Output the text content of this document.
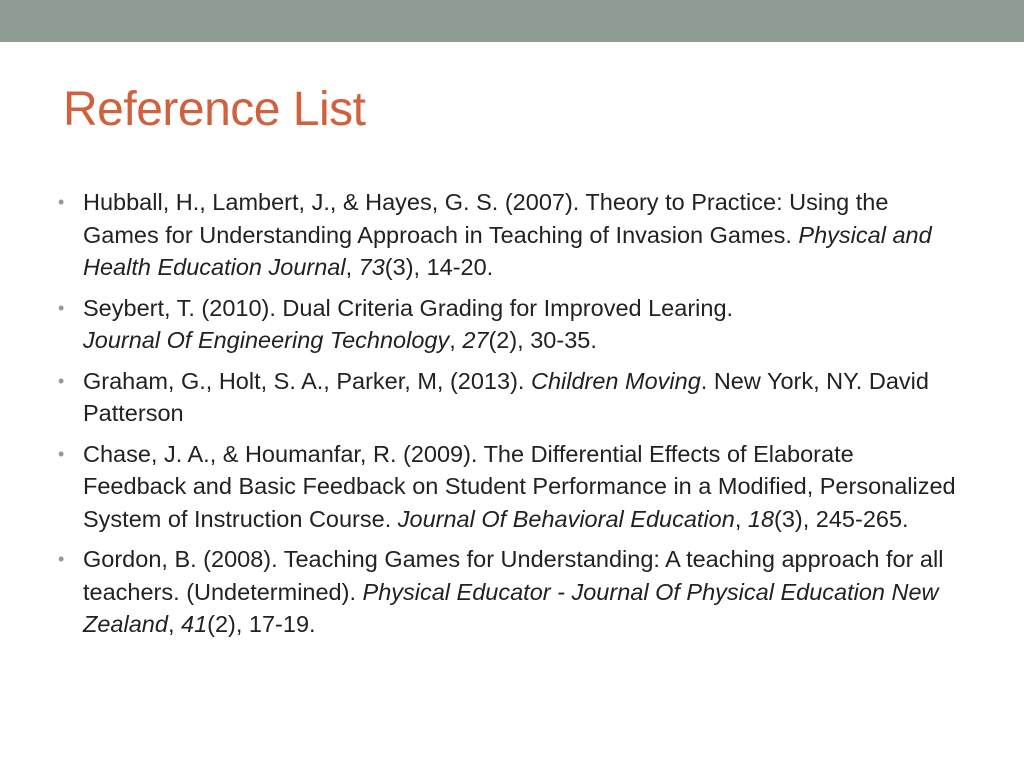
Reference List
• Hubball, H., Lambert, J., & Hayes, G. S. (2007). Theory to Practice: Using the Games for Understanding Approach in Teaching of Invasion Games. Physical and Health Education Journal, 73(3), 14-20.
• Seybert, T. (2010). Dual Criteria Grading for Improved Learing.
Journal Of Engineering Technology, 27(2), 30-35.
• Graham, G., Holt, S. A., Parker, M, (2013). Children Moving. New York, NY. David Patterson
• Chase, J. A., & Houmanfar, R. (2009). The Differential Effects of Elaborate Feedback and Basic Feedback on Student Performance in a Modified, Personalized System of Instruction Course. Journal Of Behavioral Education, 18(3), 245-265.
• Gordon, B. (2008). Teaching Games for Understanding: A teaching approach for all teachers. (Undetermined). Physical Educator - Journal Of Physical Education New Zealand, 41(2), 17-19.
